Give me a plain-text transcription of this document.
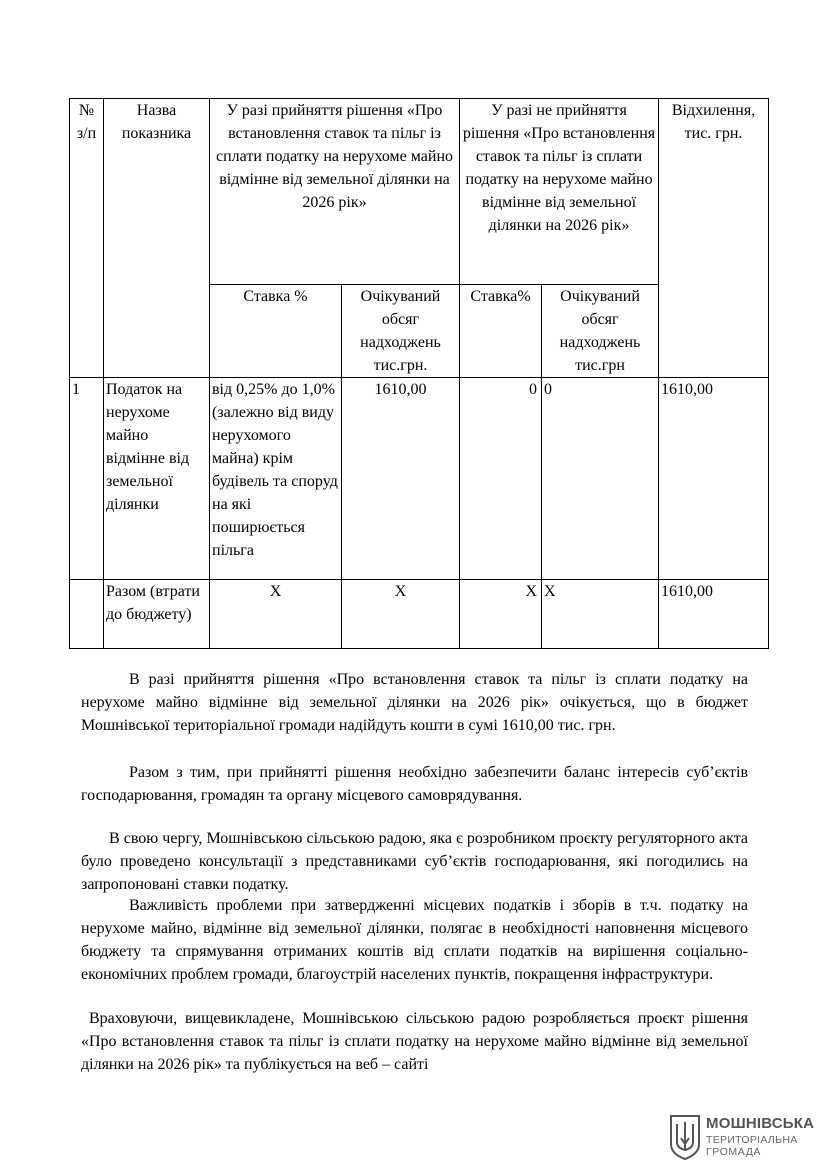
№ з/п	Назва показника	У разі прийняття рішення «Про встановлення ставок та пільг із сплати податку на нерухоме майно відмінне від земельної ділянки на 2026 рік»		У разі не прийняття рішення «Про встановлення ставок та пільг із сплати податку на нерухоме майно відмінне від земельної ділянки на 2026 рік»		Відхилення, тис. грн.
		Ставка %	Очікуваний обсяг надходжень тис.грн.	Ставка%	Очікуваний обсяг надходжень тис.грн	
1	Податок на нерухоме майно відмінне від земельної ділянки	від 0,25% до 1,0% (залежно від виду нерухомого майна) крім будівель та споруд на які поширюється пільга	1610,00	0	0	1610,00
	Разом (втрати до бюджету)	Х	Х	Х	Х	1610,00

В разі прийняття рішення «Про встановлення ставок та пільг із сплати податку на нерухоме майно відмінне від земельної ділянки на 2026 рік» очікується, що в бюджет Мошнівської територіальної громади надійдуть кошти в сумі 1610,00 тис. грн.

Разом з тим, при прийнятті рішення необхідно забезпечити баланс інтересів суб’єктів господарювання, громадян та органу місцевого самоврядування.

В свою чергу, Мошнівською сільською радою, яка є розробником проєкту регуляторного акта було проведено консультації з представниками суб’єктів господарювання, які погодились на запропоновані ставки податку.

Важливість проблеми при затвердженні місцевих податків і зборів в т.ч. податку на нерухоме майно, відмінне від земельної ділянки, полягає в необхідності наповнення місцевого бюджету та спрямування отриманих коштів від сплати податків на вирішення соціально-економічних проблем громади, благоустрій населених пунктів, покращення інфраструктури.

Враховуючи, вищевикладене, Мошнівською сільською радою розробляється проєкт рішення «Про встановлення ставок та пільг із сплати податку на нерухоме майно відмінне від земельної ділянки на 2026 рік» та публікується на веб – сайті

МОШНІВСЬКА
ТЕРИТОРІАЛЬНА
ГРОМАДА
